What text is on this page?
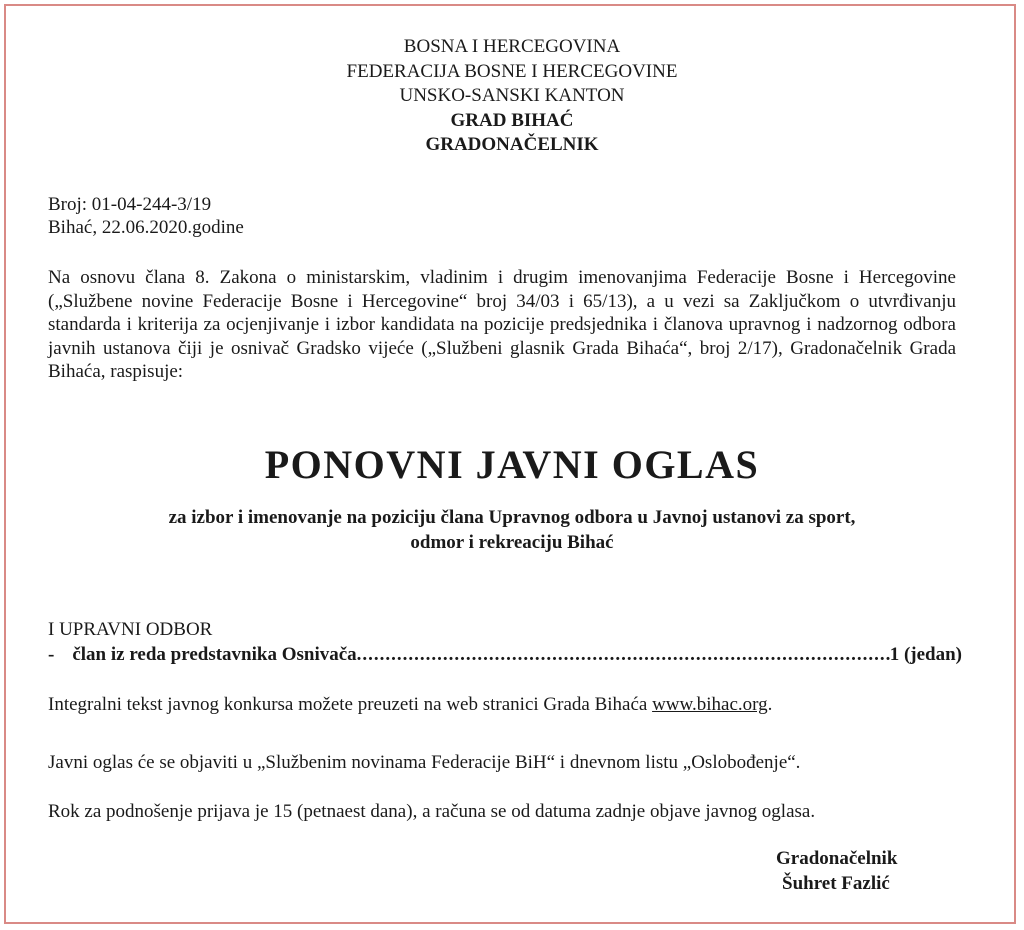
BOSNA I HERCEGOVINA
FEDERACIJA BOSNE I HERCEGOVINE
UNSKO-SANSKI KANTON
GRAD BIHAĆ
GRADONAČELNIK
Broj: 01-04-244-3/19
Bihać, 22.06.2020.godine

Na osnovu člana 8. Zakona o ministarskim, vladinim i drugim imenovanjima Federacije Bosne i Hercegovine („Službene novine Federacije Bosne i Hercegovine“ broj 34/03 i 65/13), a u vezi sa Zaključkom o utvrđivanju standarda i kriterija za ocjenjivanje i izbor kandidata na pozicije predsjednika i članova upravnog i nadzornog odbora javnih ustanova čiji je osnivač Gradsko vijeće („Službeni glasnik Grada Bihaća“, broj 2/17), Gradonačelnik Grada Bihaća, raspisuje:

PONOVNI JAVNI OGLAS
za izbor i imenovanje na poziciju člana Upravnog odbora u Javnoj ustanovi za sport,
odmor i rekreaciju Bihać
I UPRAVNI ODBOR
- član iz reda predstavnika Osnivača
.....	1 (jedan)

Integralni tekst javnog konkursa možete preuzeti na web stranici Grada Bihaća www.bihac.org.

Javni oglas će se objaviti u „Službenim novinama Federacije BiH“ i dnevnom listu „Oslobođenje“.

Rok za podnošenje prijava je 15 (petnaest dana), a računa se od datuma zadnje objave javnog oglasa.

Gradonačelnik
Šuhret Fazlić
